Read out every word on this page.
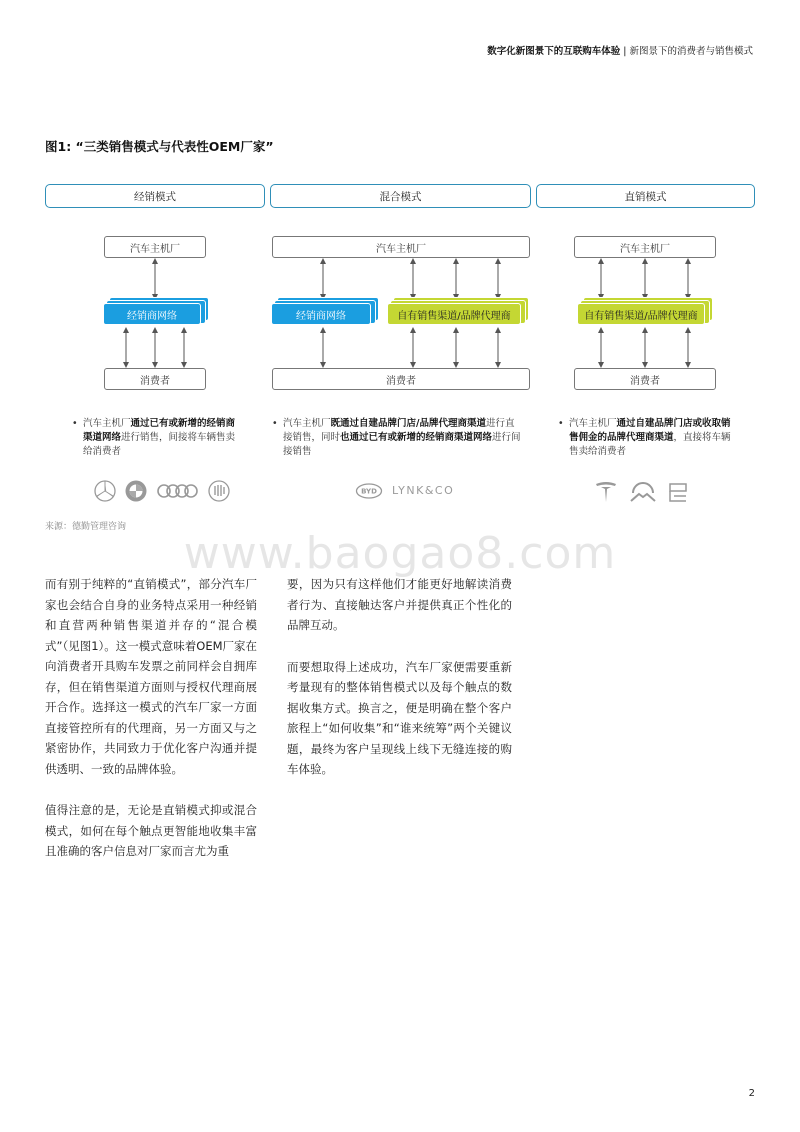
数字化新图景下的互联购车体验 | 新图景下的消费者与销售模式
图1: “三类销售模式与代表性OEM厂家”
经销模式	混合模式	直销模式
汽车主机厂	汽车主机厂	汽车主机厂
经销商网络	经销商网络	自有销售渠道/品牌代理商	自有销售渠道/品牌代理商
消费者	消费者	消费者
• 汽车主机厂通过已有或新增的经销商渠道网络进行销售，间接将车辆售卖给消费者
• 汽车主机厂既通过自建品牌门店/品牌代理商渠道进行直接销售，同时也通过已有或新增的经销商渠道网络进行间接销售
• 汽车主机厂通过自建品牌门店或收取销售佣金的品牌代理商渠道，直接将车辆售卖给消费者
BYD LYNK&CO
来源：德勤管理咨询
www.baogao8.com

而有别于纯粹的“直销模式”，部分汽车厂家也会结合自身的业务特点采用一种经销和直营两种销售渠道并存的“混合模式”（见图1）。这一模式意味着OEM厂家在向消费者开具购车发票之前同样会自拥库存，但在销售渠道方面则与授权代理商展开合作。选择这一模式的汽车厂家一方面直接管控所有的代理商，另一方面又与之紧密协作，共同致力于优化客户沟通并提供透明、一致的品牌体验。

值得注意的是，无论是直销模式抑或混合模式，如何在每个触点更智能地收集丰富且准确的客户信息对厂家而言尤为重

要，因为只有这样他们才能更好地解读消费者行为、直接触达客户并提供真正个性化的品牌互动。

而要想取得上述成功，汽车厂家便需要重新考量现有的整体销售模式以及每个触点的数据收集方式。换言之，便是明确在整个客户旅程上“如何收集”和“谁来统筹”两个关键议题，最终为客户呈现线上线下无缝连接的购车体验。

2
